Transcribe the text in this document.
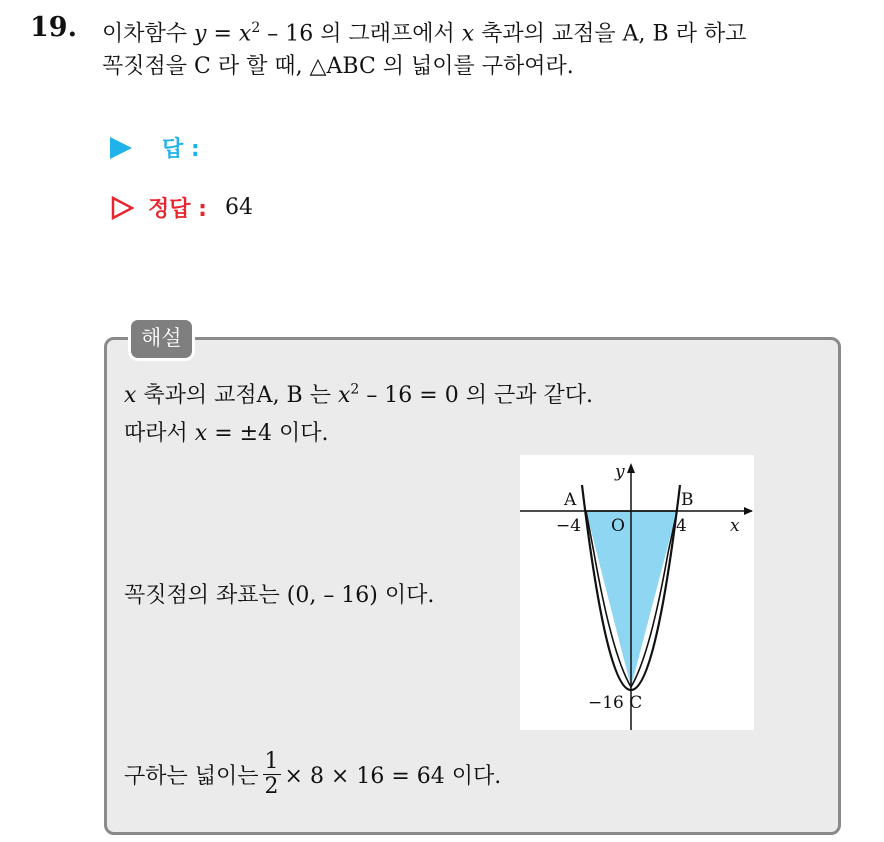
19. 이차함수 $y = x^2 - 16$ 의 그래프에서 x 축과의 교점을 A, B 라 하고
꼭짓점을 C 라 할 때, △ABC 의 넓이를 구하여라.
답 :
정답 : 64
해설
x 축과의 교점A, B 는 $x^2 - 16 = 0$ 의 근과 같다.
따라서 x = ±4 이다.
꼭짓점의 좌표는 (0, – 16) 이다.
구하는 넓이는 $\frac{1}{2} \times 8 \times 16 = 64$ 이다.
y
x
A	B
O
−4	4
−16 C
